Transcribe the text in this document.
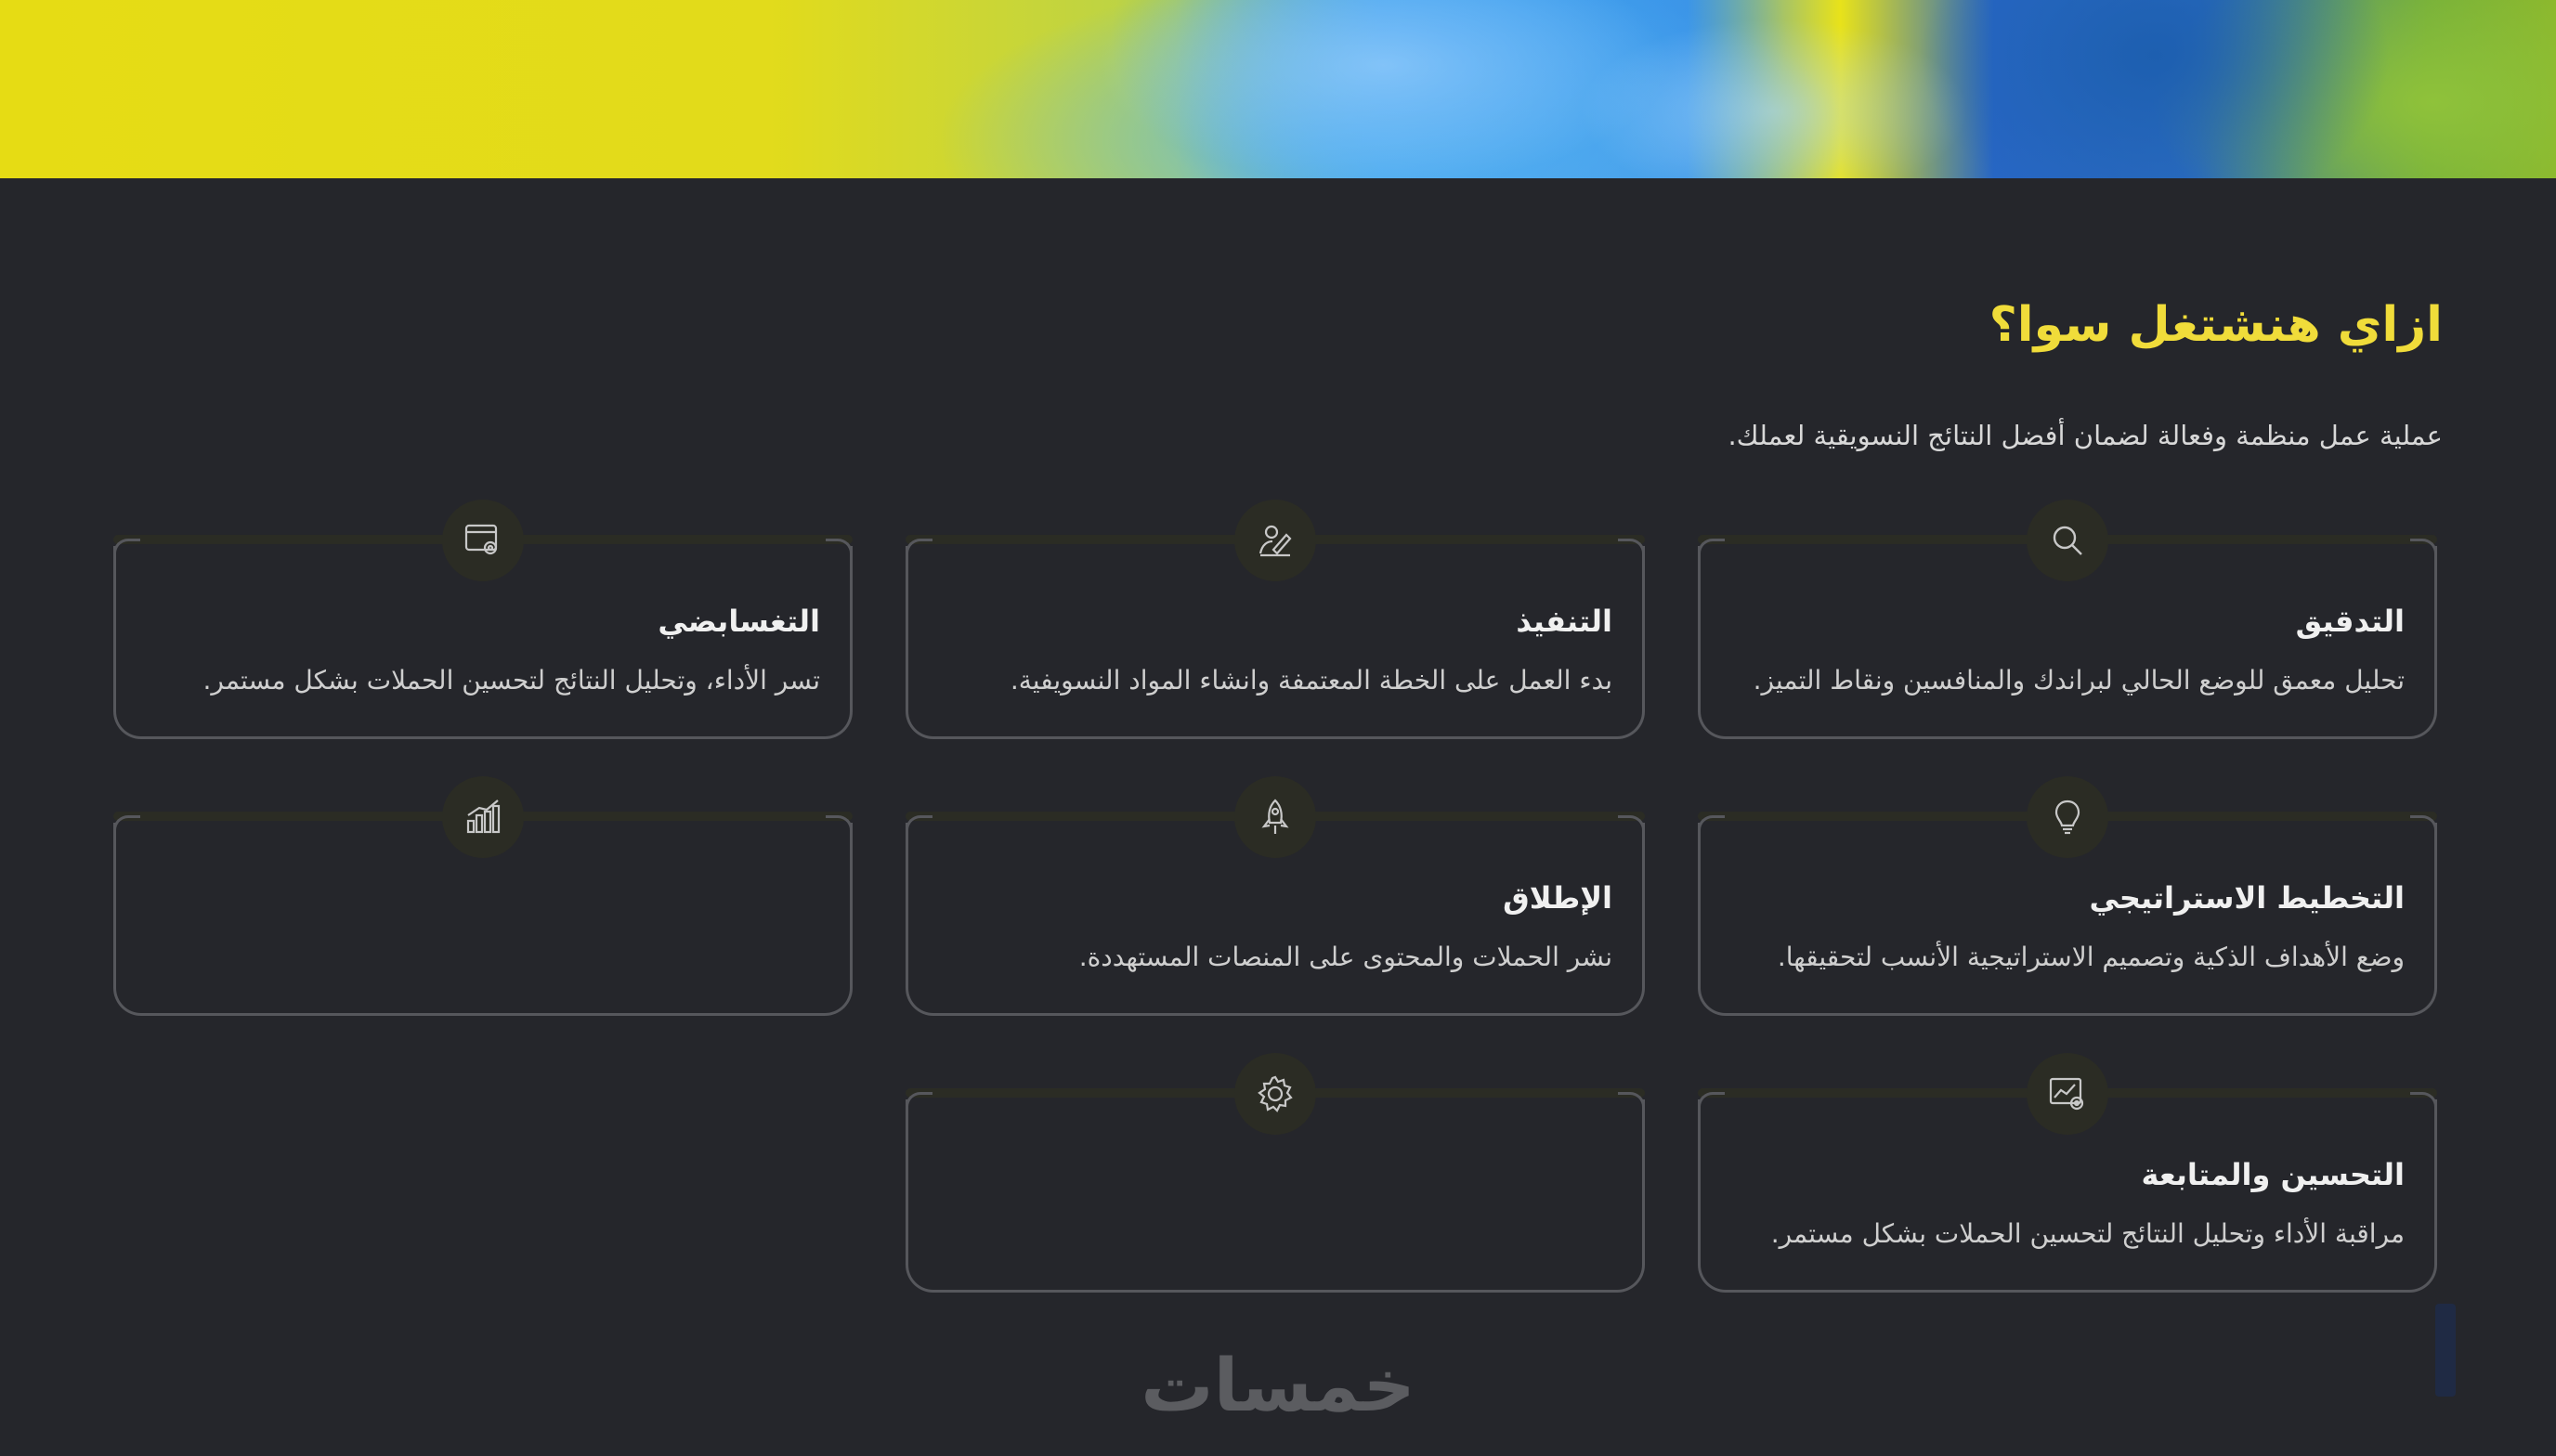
ازاي هنشتغل سوا؟

عملية عمل منظمة وفعالة لضمان أفضل النتائج النسويقية لعملك.

التدقيق

تحليل معمق للوضع الحالي لبراندك والمنافسين ونقاط التميز.

التنفيذ

بدء العمل على الخطة المعتمفة وانشاء المواد النسويفية.

التغسابضي

تسر الأداء، وتحليل النتائج لتحسين الحملات بشكل مستمر.

التخطيط الاستراتيجي

وضع الأهداف الذكية وتصميم الاستراتيجية الأنسب لتحقيقها.

الإطلاق

نشر الحملات والمحتوى على المنصات المستهددة.

التحسين والمتابعة

مراقبة الأداء وتحليل النتائج لتحسين الحملات بشكل مستمر.

خمسات
